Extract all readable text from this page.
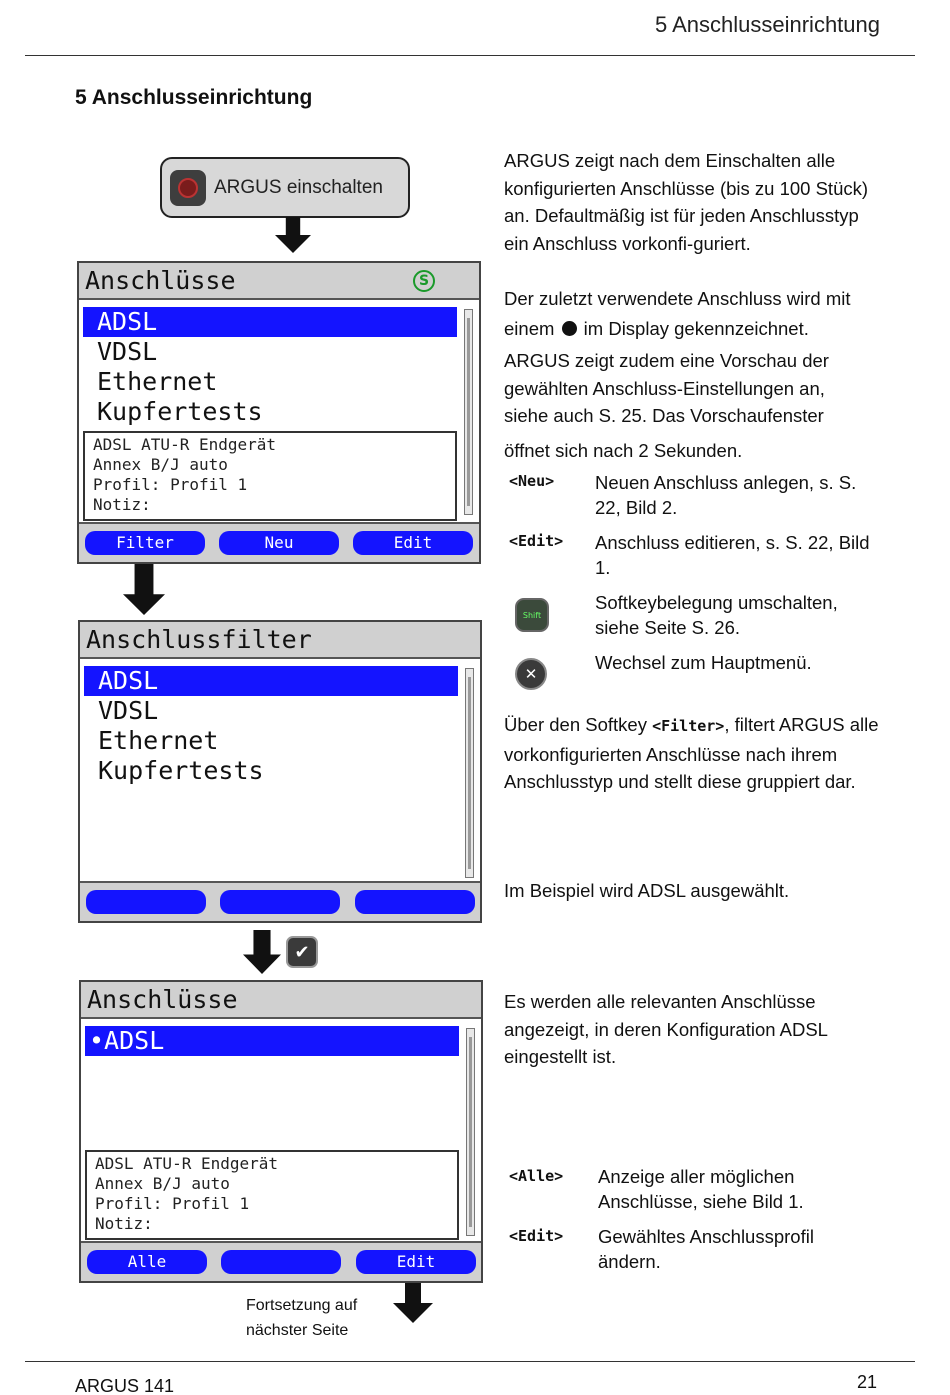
5 Anschlusseinrichtung
5 Anschlusseinrichtung
ARGUS einschalten
✔
Anschlüsse	S
ADSL
VDSL
Ethernet
Kupfertests
ADSL ATU-R Endgerät
Annex B/J auto
Profil: Profil 1
Notiz:
Filter	Neu	Edit
Anschlussfilter
ADSL
VDSL
Ethernet
Kupfertests
Anschlüsse
•ADSL
ADSL ATU-R Endgerät
Annex B/J auto
Profil: Profil 1
Notiz:
Alle	Edit
ARGUS zeigt nach dem Einschalten alle konfigurierten Anschlüsse (bis zu 100 Stück) an. Defaultmäßig ist für jeden Anschlusstyp ein Anschluss vorkonfi-guriert.
Der zuletzt verwendete Anschluss wird mit
einem im Display gekennzeichnet.
ARGUS zeigt zudem eine Vorschau der gewählten Anschluss-Einstellungen an, siehe auch S. 25. Das Vorschaufenster
öffnet sich nach 2 Sekunden.
<Neu> Neuen Anschluss anlegen, s. S. 22, Bild 2.
<Edit> Anschluss editieren, s. S. 22, Bild 1.
Shift
Softkeybelegung umschalten, siehe Seite S. 26.
✕
Wechsel zum Hauptmenü.
Über den Softkey <Filter>, filtert ARGUS alle vorkonfigurierten Anschlüsse nach ihrem Anschlusstyp und stellt diese gruppiert dar.
Im Beispiel wird ADSL ausgewählt.
Es werden alle relevanten Anschlüsse angezeigt, in deren Konfiguration ADSL eingestellt ist.
<Alle> Anzeige aller möglichen Anschlüsse, siehe Bild 1.
<Edit> Gewähltes Anschlussprofil ändern.
Fortsetzung auf
nächster Seite
ARGUS 141	21
